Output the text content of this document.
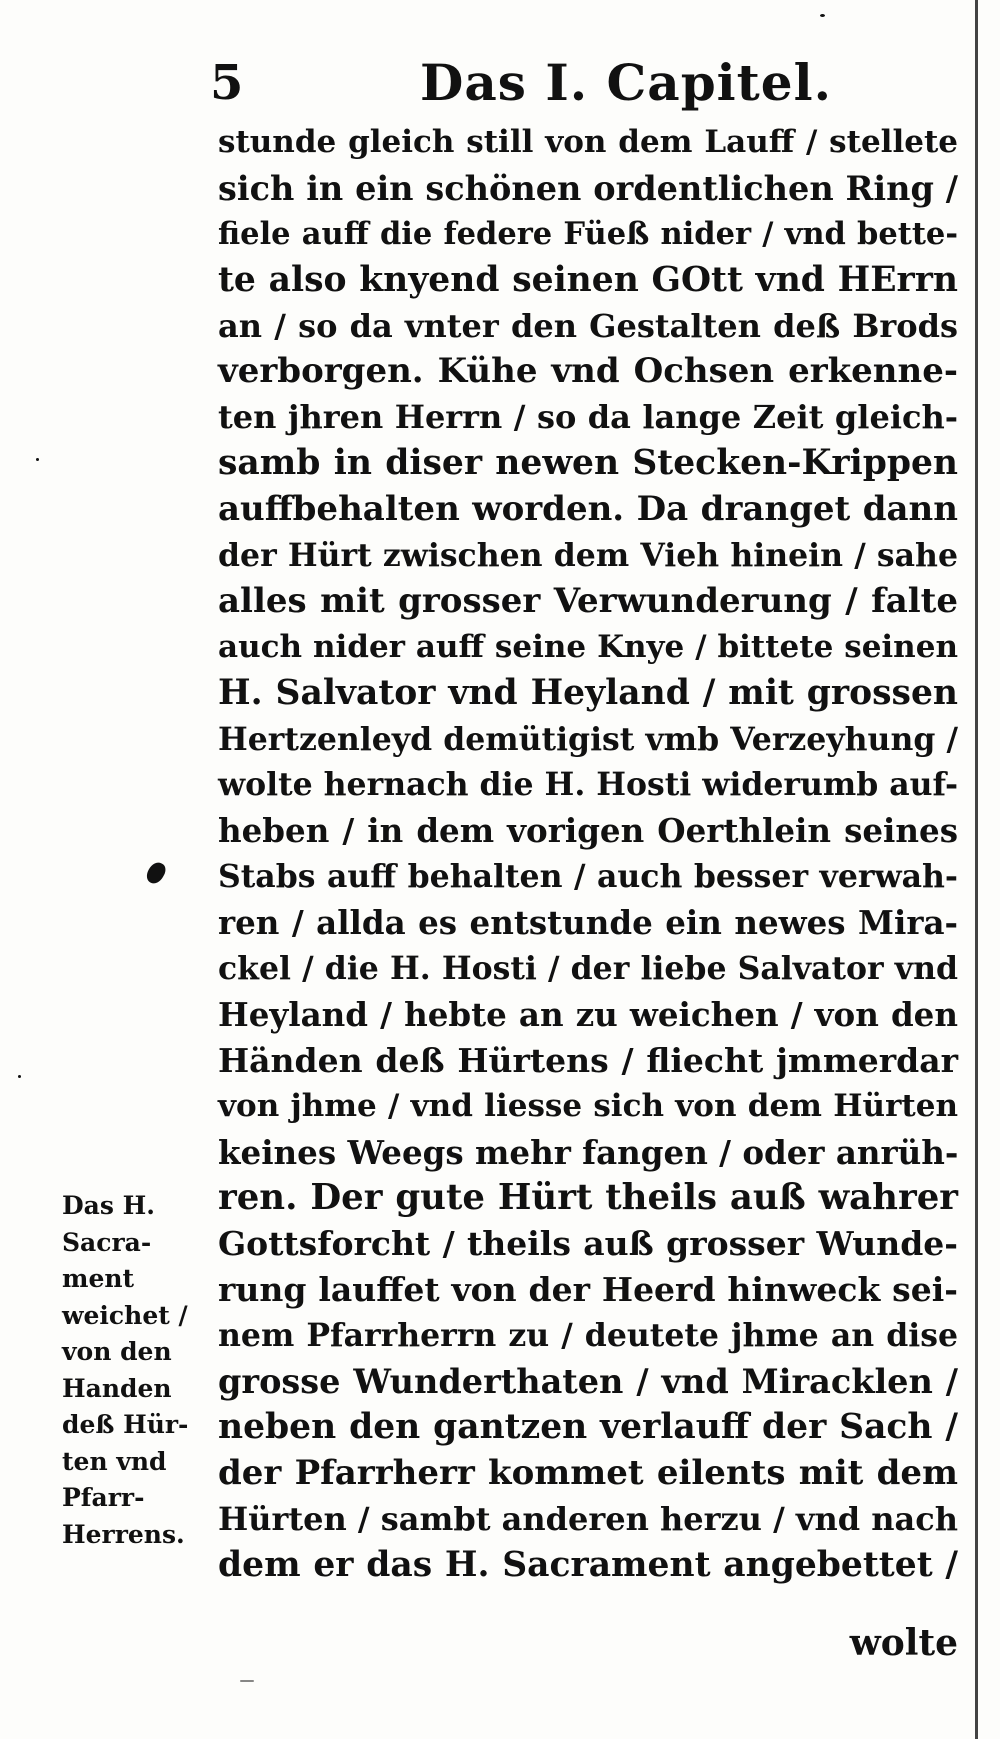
5	Das I. Capitel.
stunde gleich still von dem Lauff / stellete
sich in ein schönen ordentlichen Ring /
fiele auff die federe Füeß nider / vnd bette-
te also knyend seinen GOtt vnd HErrn
an / so da vnter den Gestalten deß Brods
verborgen. Kühe vnd Ochsen erkenne-
ten jhren Herrn / so da lange Zeit gleich-
samb in diser newen Stecken-Krippen
auffbehalten worden. Da dranget dann
der Hürt zwischen dem Vieh hinein / sahe
alles mit grosser Verwunderung / falte
auch nider auff seine Knye / bittete seinen
H. Salvator vnd Heyland / mit grossen
Hertzenleyd demütigist vmb Verzeyhung /
wolte hernach die H. Hosti widerumb auf-
heben / in dem vorigen Oerthlein seines
Stabs auff behalten / auch besser verwah-
ren / allda es entstunde ein newes Mira-
ckel / die H. Hosti / der liebe Salvator vnd
Heyland / hebte an zu weichen / von den
Händen deß Hürtens / fliecht jmmerdar
von jhme / vnd liesse sich von dem Hürten
keines Weegs mehr fangen / oder anrüh-
ren. Der gute Hürt theils auß wahrer
Gottsforcht / theils auß grosser Wunde-
rung lauffet von der Heerd hinweck sei-
nem Pfarrherrn zu / deutete jhme an dise
grosse Wunderthaten / vnd Miracklen /
neben den gantzen verlauff der Sach /
der Pfarrherr kommet eilents mit dem
Hürten / sambt anderen herzu / vnd nach
dem er das H. Sacrament angebettet /
wolte
Das H.
Sacra-
ment
weichet /
von den
Handen
deß Hür-
ten vnd
Pfarr-
Herrens.
